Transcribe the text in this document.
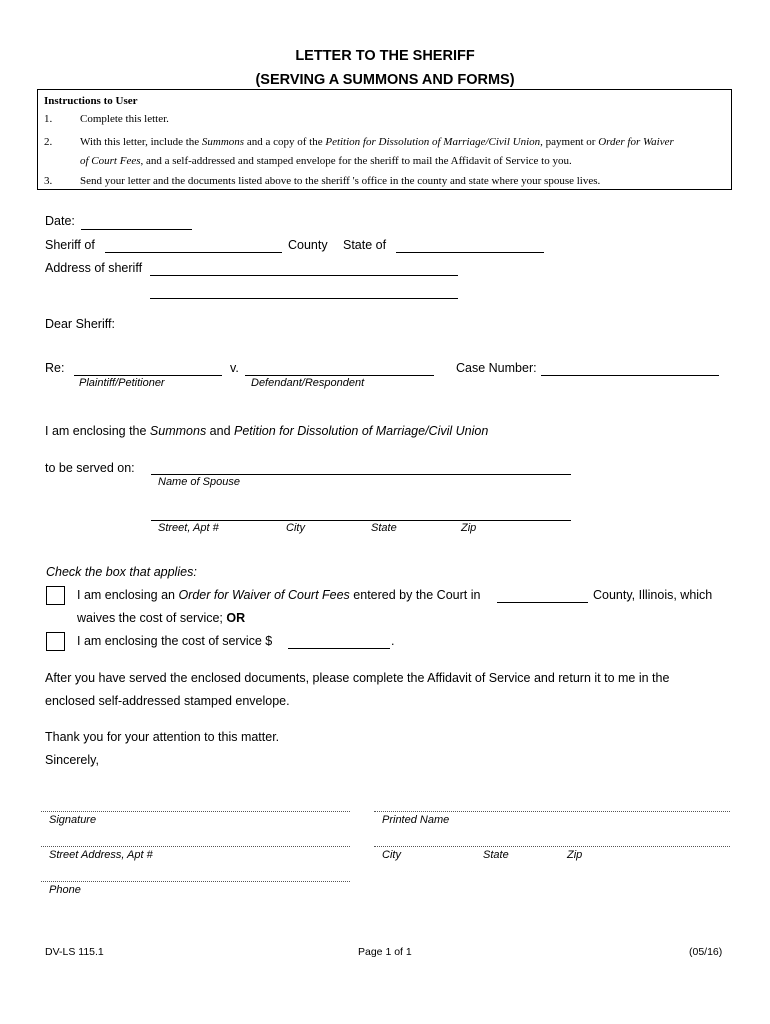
LETTER TO THE SHERIFF
(SERVING A SUMMONS AND FORMS)
Instructions to User
1.	Complete this letter.
2.	With this letter, include the Summons and a copy of the Petition for Dissolution of Marriage/Civil Union, payment or Order for Waiver
of Court Fees, and a self-addressed and stamped envelope for the sheriff to mail the Affidavit of Service to you.
3.	Send your letter and the documents listed above to the sheriff 's office in the county and state where your spouse lives.
Date:
Sheriff of	County State of
Address of sheriff
Dear Sheriff:
Re:	v.	Case Number:
Plaintiff/Petitioner	Defendant/Respondent
I am enclosing the Summons and Petition for Dissolution of Marriage/Civil Union
to be served on:
Name of Spouse
Street, Apt #	City	State	Zip
Check the box that applies:
I am enclosing an Order for Waiver of Court Fees entered by the Court in	County, Illinois, which
waives the cost of service; OR
I am enclosing the cost of service $	.
After you have served the enclosed documents, please complete the Affidavit of Service and return it to me in the
enclosed self-addressed stamped envelope.
Thank you for your attention to this matter.
Sincerely,
Signature	Printed Name
Street Address, Apt #	City	State	Zip
Phone
DV-LS 115.1	Page 1 of 1	(05/16)
